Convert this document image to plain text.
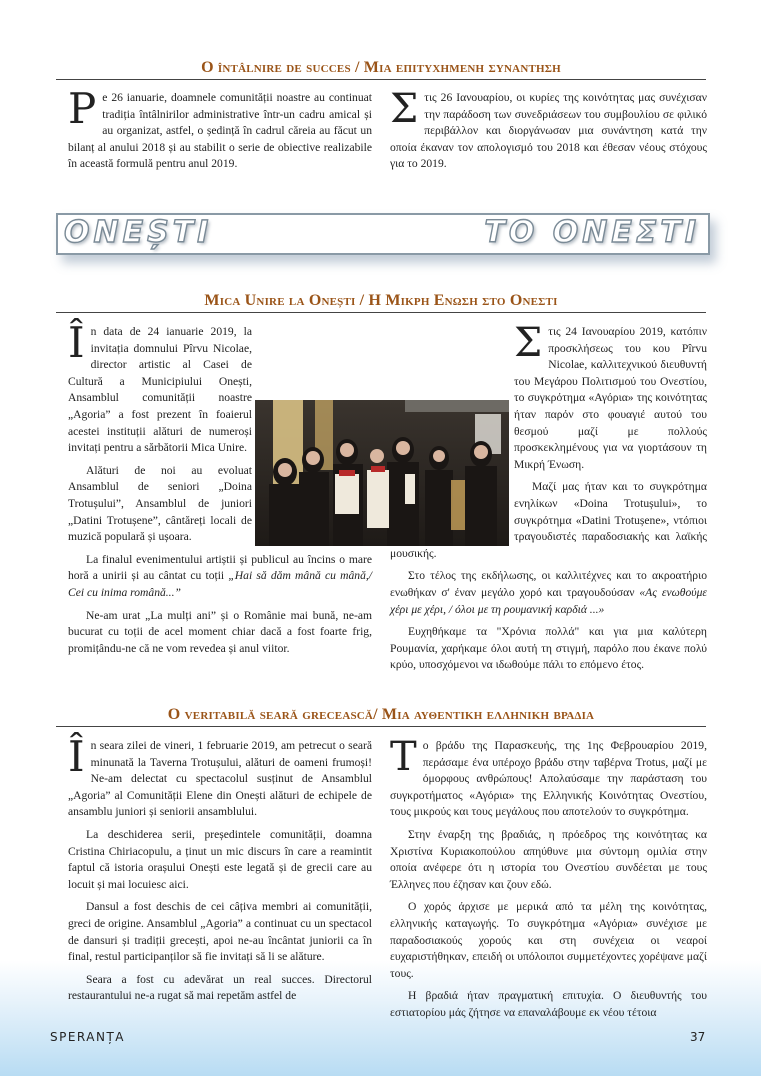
O întâlnire de succes / Μια επιτυχημενη συναντηση

Pe 26 ianuarie, doamnele comunității noastre au continuat tradiția întâlnirilor administrative într-un cadru amical și au organizat, astfel, o ședință în cadrul căreia au făcut un bilanț al anului 2018 și au stabilit o serie de obiective realizabile în această formulă pentru anul 2019.

Στις 26 Ιανουαρίου, οι κυρίες της κοινότητας μας συνέχισαν την παράδοση των συνεδριάσεων του συμβουλίου σε φιλικό περιβάλλον και διοργάνωσαν μια συνάντηση κατά την οποία έκαναν τον απολογισμό του 2018 και έθεσαν νέους στόχους για το 2019.

ONEȘTI	ΤΟ ΟΝΕΣΤΙ
Mica Unire la Onești / Η Μικρη Ενωση στο Ονεστι

În data de 24 ianuarie 2019, la invitația domnului Pîrvu Nicolae, director artistic al Casei de Cultură a Municipiului Onești, Ansamblul comunității noastre „Agoria” a fost prezent în foaierul acestei instituții alături de numeroși invitați pentru a sărbătorii Mica Unire.

Alături de noi au evoluat Ansamblul de seniori „Doina Trotușului”, Ansamblul de juniori „Datini Trotușene”, cântăreți locali de muzică populară și ușoara.

La finalul evenimentului artiștii și publicul au încins o mare horă a unirii și au cântat cu toții „Hai să dăm mână cu mână,/ Cei cu inima română...”

Ne-am urat „La mulți ani” și o Românie mai bună, ne-am bucurat cu toții de acel moment chiar dacă a fost foarte frig, promițându-ne că ne vom revedea și anul viitor.

Στις 24 Ιανουαρίου 2019, κατόπιν προσκλήσεως του κου Pîrvu Nicolae, καλλιτεχνικού διευθυντή του Μεγάρου Πολιτισμού του Ονεστίου, το συγκρότημα «Αγόρια» της κοινότητας ήταν παρόν στο φουαγιέ αυτού του θεσμού μαζί με πολλούς προσκεκλημένους για να γιορτάσουν τη Μικρή Ένωση.

Μαζί μας ήταν και το συγκρότημα ενηλίκων «Doina Trotușului», το συγκρότημα «Datini Trotușene», ντόπιοι τραγουδιστές παραδοσιακής και λαϊκής μουσικής.

Στο τέλος της εκδήλωσης, οι καλλιτέχνες και το ακροατήριο ενωθήκαν σ' έναν μεγάλο χορό και τραγουδούσαν «Ας ενωθούμε χέρι με χέρι, / όλοι με τη ρουμανική καρδιά ...»

Ευχηθήκαμε τα "Χρόνια πολλά" και για μια καλύτερη Ρουμανία, χαρήκαμε όλοι αυτή τη στιγμή, παρόλο που έκανε πολύ κρύο, υποσχόμενοι να ιδωθούμε πάλι το επόμενο έτος.

O veritabilă seară grecească/ Μια αυθεντικη ελληνικη βραδια

În seara zilei de vineri, 1 februarie 2019, am petrecut o seară minunată la Taverna Trotușului, alături de oameni frumoși! Ne-am delectat cu spectacolul susținut de Ansamblul „Agoria” al Comunității Elene din Onești alături de echipele de ansamblu juniori și seniorii ansamblului.

La deschiderea serii, președintele comunității, doamna Cristina Chiriacopulu, a ținut un mic discurs în care a reamintit faptul că istoria orașului Onești este legată și de grecii care au locuit și mai locuiesc aici.

Dansul a fost deschis de cei câțiva membri ai comunității, greci de origine. Ansamblul „Agoria” a continuat cu un spectacol de dansuri și tradiții grecești, apoi ne-au încântat juniorii ca în final, restul participanților să fie invitați să li se alăture.

Seara a fost cu adevărat un real succes. Directorul restaurantului ne-a rugat să mai repetăm astfel de

Το βράδυ της Παρασκευής, της 1ης Φεβρουαρίου 2019, περάσαμε ένα υπέροχο βράδυ στην ταβέρνα Trotus, μαζί με όμορφους ανθρώπους! Απολαύσαμε την παράσταση του συγκροτήματος «Αγόρια» της Ελληνικής Κοινότητας Ονεστίου, τους μικρούς και τους μεγάλους που αποτελούν το συγκρότημα.

Στην έναρξη της βραδιάς, η πρόεδρος της κοινότητας κα Χριστίνα Κυριακοπούλου απηύθυνε μια σύντομη ομιλία στην οποία ανέφερε ότι η ιστορία του Ονεστίου συνδέεται με τους Έλληνες που έζησαν και ζουν εδώ.

Ο χορός άρχισε με μερικά από τα μέλη της κοινότητας, ελληνικής καταγωγής. Το συγκρότημα «Αγόρια» συνέχισε με παραδοσιακούς χορούς και στη συνέχεια οι νεαροί ευχαριστήθηκαν, επειδή οι υπόλοιποι συμμετέχοντες χορέψανε μαζί τους.

Η βραδιά ήταν πραγματική επιτυχία. Ο διευθυντής του εστιατορίου μάς ζήτησε να επαναλάβουμε εκ νέου τέτοια

SPERANȚA	37
